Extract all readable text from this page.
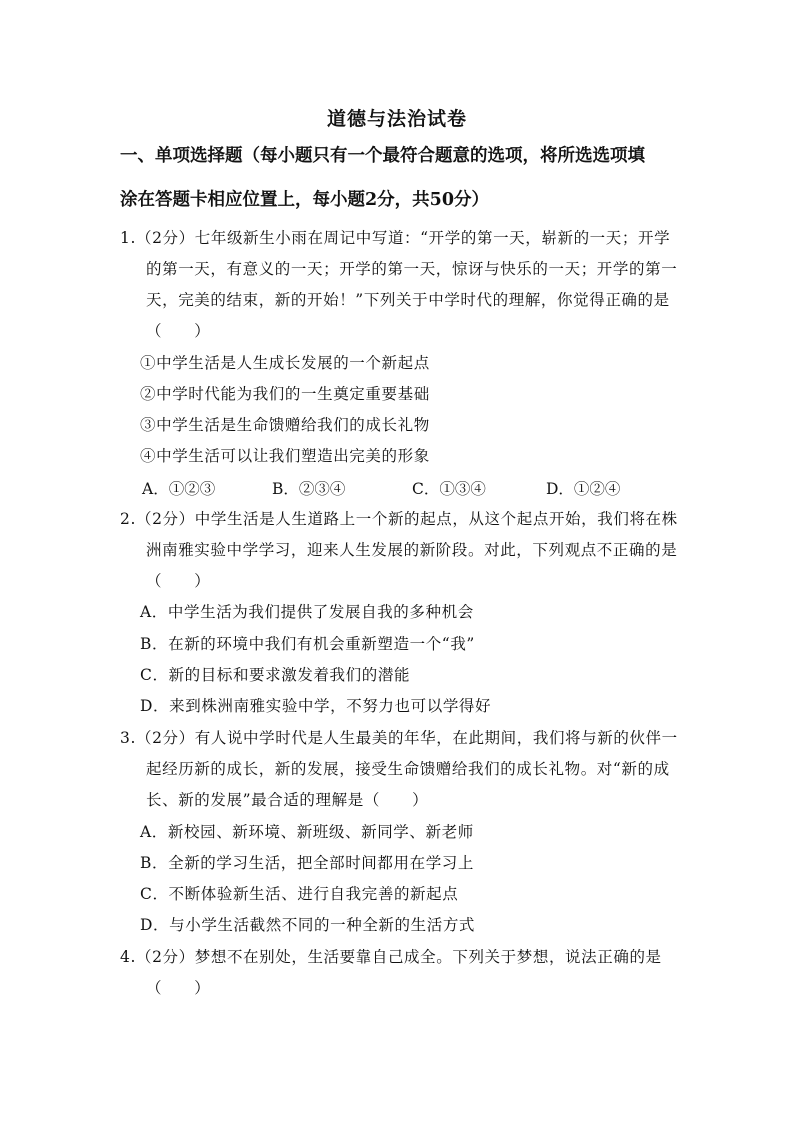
道德与法治试卷
一、单项选择题（每小题只有一个最符合题意的选项，将所选选项填
涂在答题卡相应位置上，每小题2分，共50分）
1.（2分）七年级新生小雨在周记中写道：“开学的第一天，崭新的一天；开学
的第一天，有意义的一天；开学的第一天，惊讶与快乐的一天；开学的第一
天，完美的结束，新的开始！”下列关于中学时代的理解，你觉得正确的是
（　　）
①中学生活是人生成长发展的一个新起点
②中学时代能为我们的一生奠定重要基础
③中学生活是生命馈赠给我们的成长礼物
④中学生活可以让我们塑造出完美的形象
A．①②③	B．②③④	C．①③④	D．①②④
2.（2分）中学生活是人生道路上一个新的起点，从这个起点开始，我们将在株
洲南雅实验中学学习，迎来人生发展的新阶段。对此，下列观点不正确的是
（　　）
A．中学生活为我们提供了发展自我的多种机会
B．在新的环境中我们有机会重新塑造一个“我”
C．新的目标和要求激发着我们的潜能
D．来到株洲南雅实验中学，不努力也可以学得好
3.（2分）有人说中学时代是人生最美的年华，在此期间，我们将与新的伙伴一
起经历新的成长，新的发展，接受生命馈赠给我们的成长礼物。对“新的成
长、新的发展”最合适的理解是（　　）
A．新校园、新环境、新班级、新同学、新老师
B．全新的学习生活，把全部时间都用在学习上
C．不断体验新生活、进行自我完善的新起点
D．与小学生活截然不同的一种全新的生活方式
4.（2分）梦想不在别处，生活要靠自己成全。下列关于梦想，说法正确的是
（　　）
